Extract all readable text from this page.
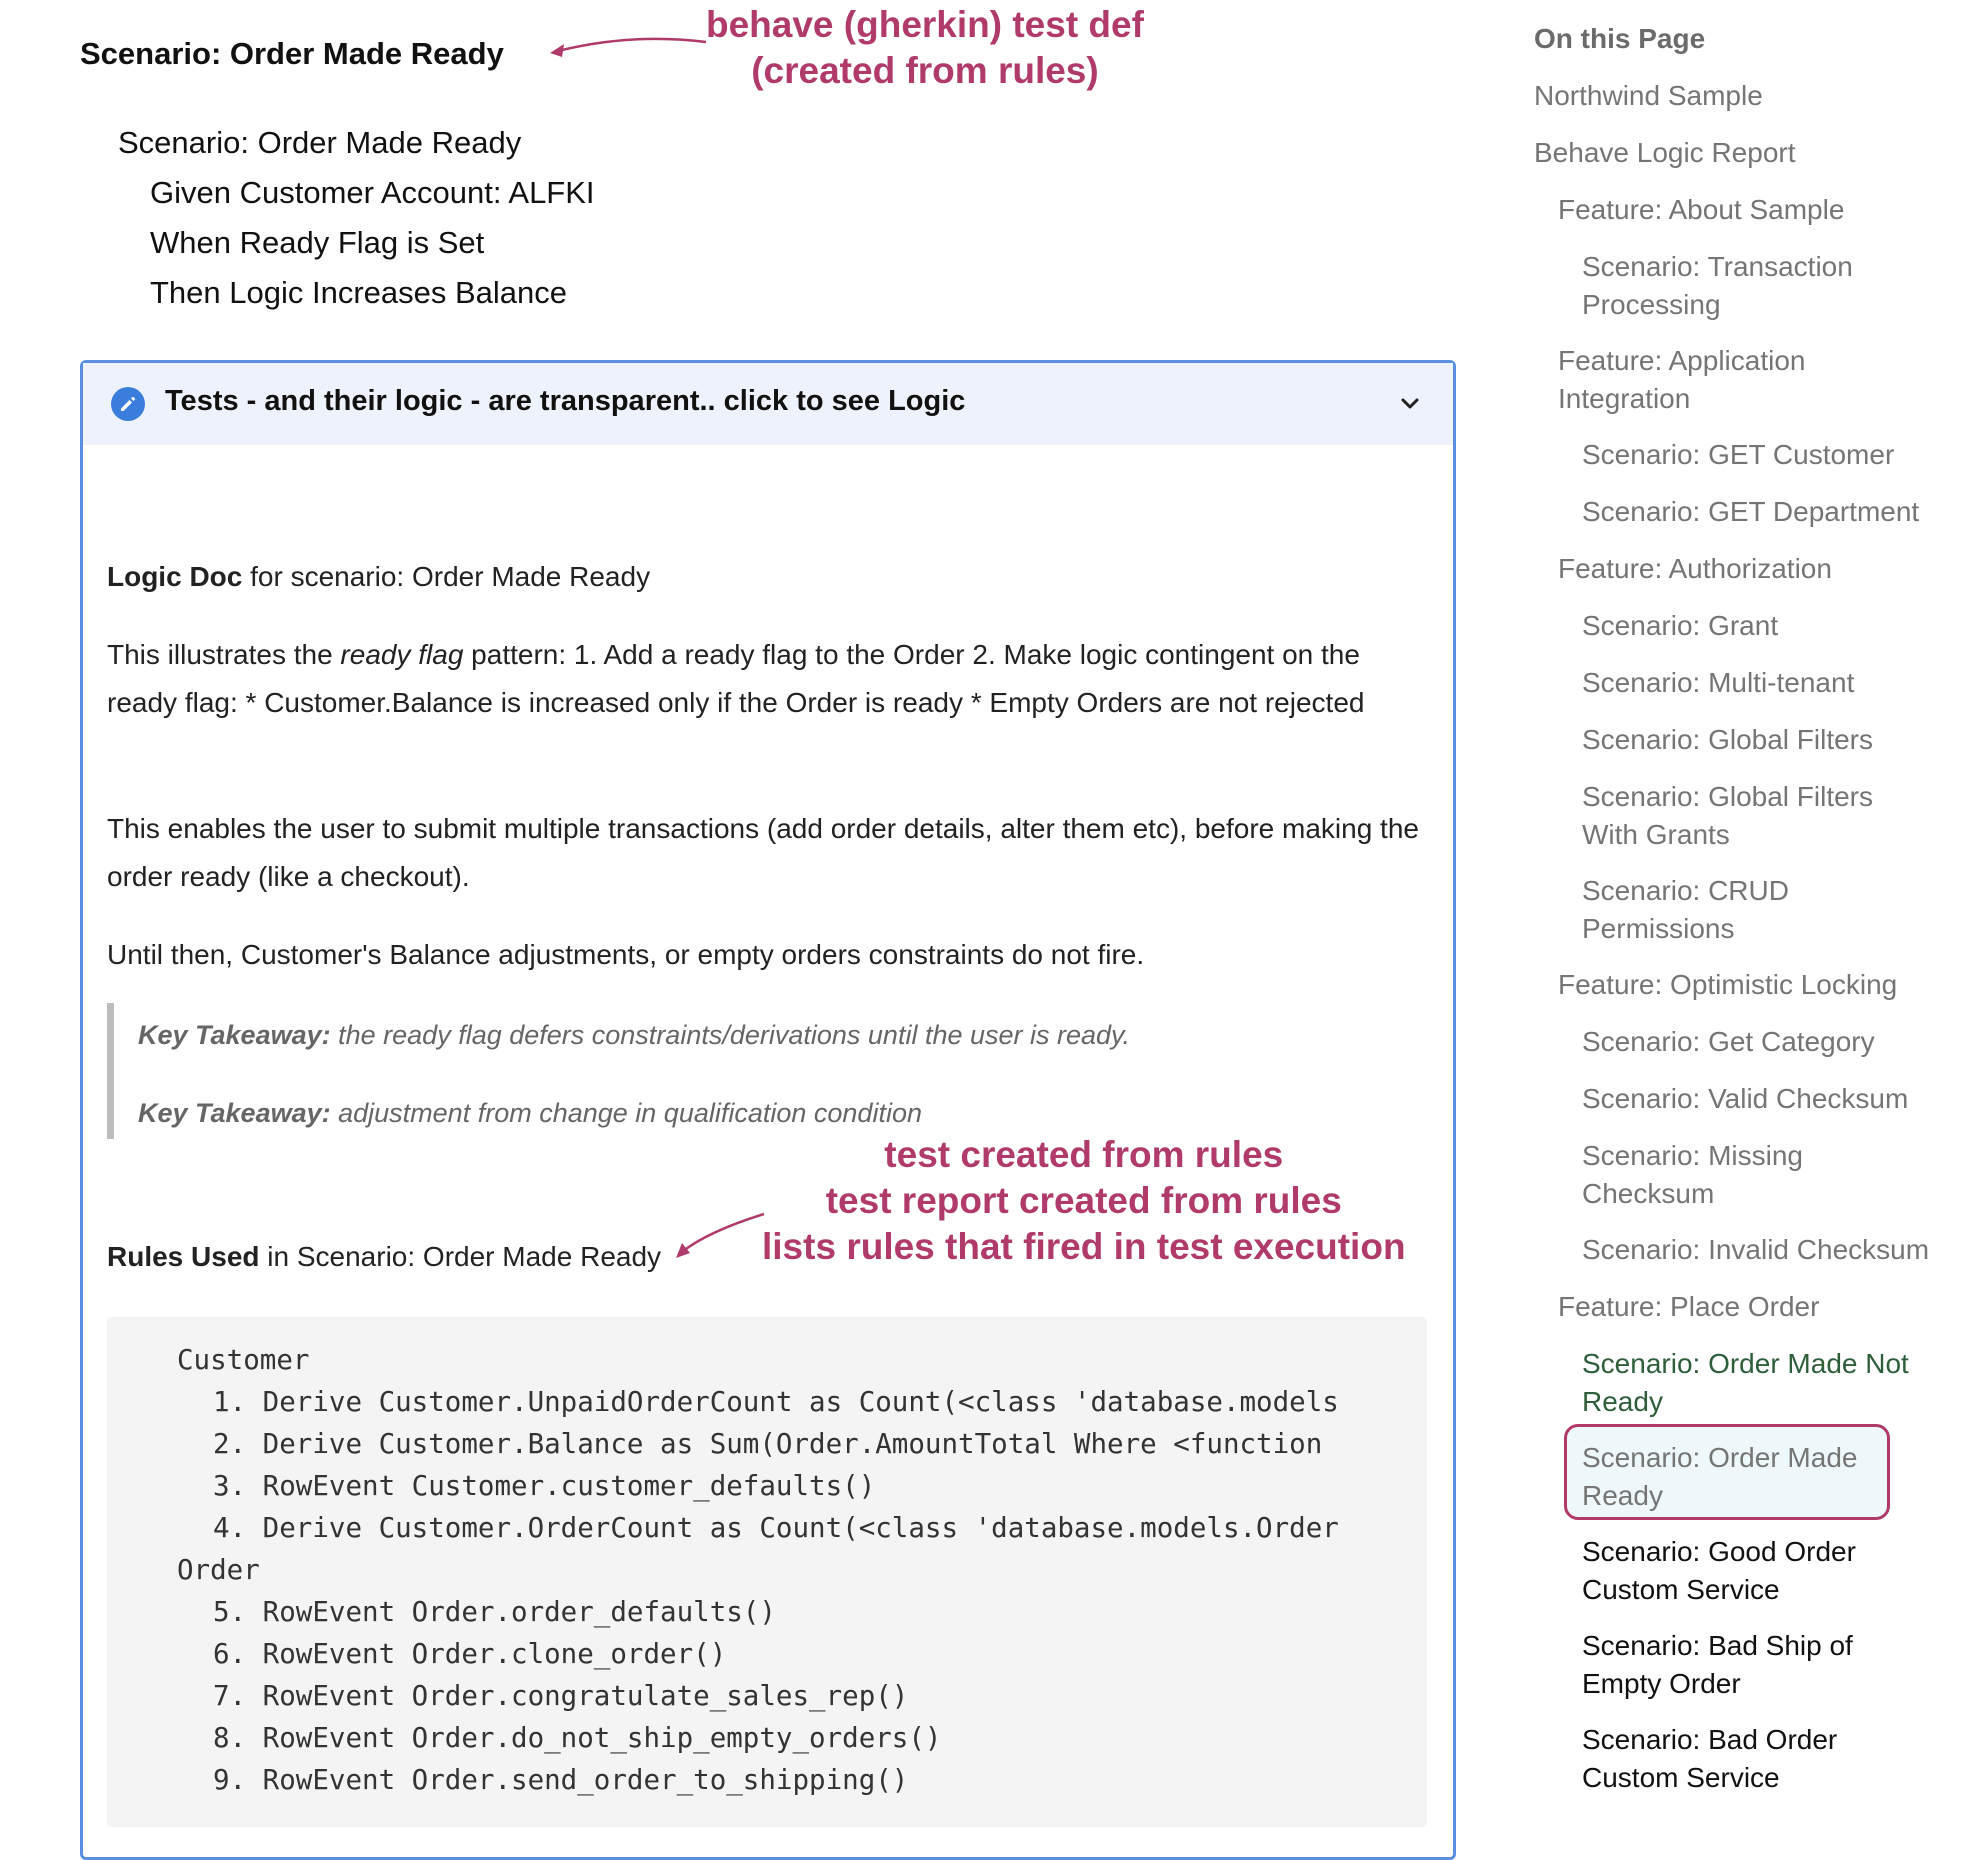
Scenario: Order Made Ready
behave (gherkin) test def
(created from rules)
Scenario: Order Made Ready
Given Customer Account: ALFKI
When Ready Flag is Set
Then Logic Increases Balance
Tests - and their logic - are transparent.. click to see Logic
Logic Doc for scenario: Order Made Ready
This illustrates the ready flag pattern: 1. Add a ready flag to the Order 2. Make logic contingent on the ready flag: * Customer.Balance is increased only if the Order is ready * Empty Orders are not rejected
This enables the user to submit multiple transactions (add order details, alter them etc), before making the order ready (like a checkout).
Until then, Customer's Balance adjustments, or empty orders constraints do not fire.
Key Takeaway: the ready flag defers constraints/derivations until the user is ready.
Key Takeaway: adjustment from change in qualification condition
Rules Used in Scenario: Order Made Ready
Customer
1. Derive Customer.UnpaidOrderCount as Count(<class 'database.models
2. Derive Customer.Balance as Sum(Order.AmountTotal Where <function
3. RowEvent Customer.customer_defaults()
4. Derive Customer.OrderCount as Count(<class 'database.models.Order
Order
5. RowEvent Order.order_defaults()
6. RowEvent Order.clone_order()
7. RowEvent Order.congratulate_sales_rep()
8. RowEvent Order.do_not_ship_empty_orders()
9. RowEvent Order.send_order_to_shipping()
test created from rules
test report created from rules
lists rules that fired in test execution
On this Page
Northwind Sample
Behave Logic Report
Feature: About Sample
Scenario: Transaction Processing
Feature: Application Integration
Scenario: GET Customer
Scenario: GET Department
Feature: Authorization
Scenario: Grant
Scenario: Multi-tenant
Scenario: Global Filters
Scenario: Global Filters With Grants
Scenario: CRUD Permissions
Feature: Optimistic Locking
Scenario: Get Category
Scenario: Valid Checksum
Scenario: Missing Checksum
Scenario: Invalid Checksum
Feature: Place Order
Scenario: Order Made Not Ready
Scenario: Order Made Ready
Scenario: Good Order Custom Service
Scenario: Bad Ship of Empty Order
Scenario: Bad Order Custom Service
